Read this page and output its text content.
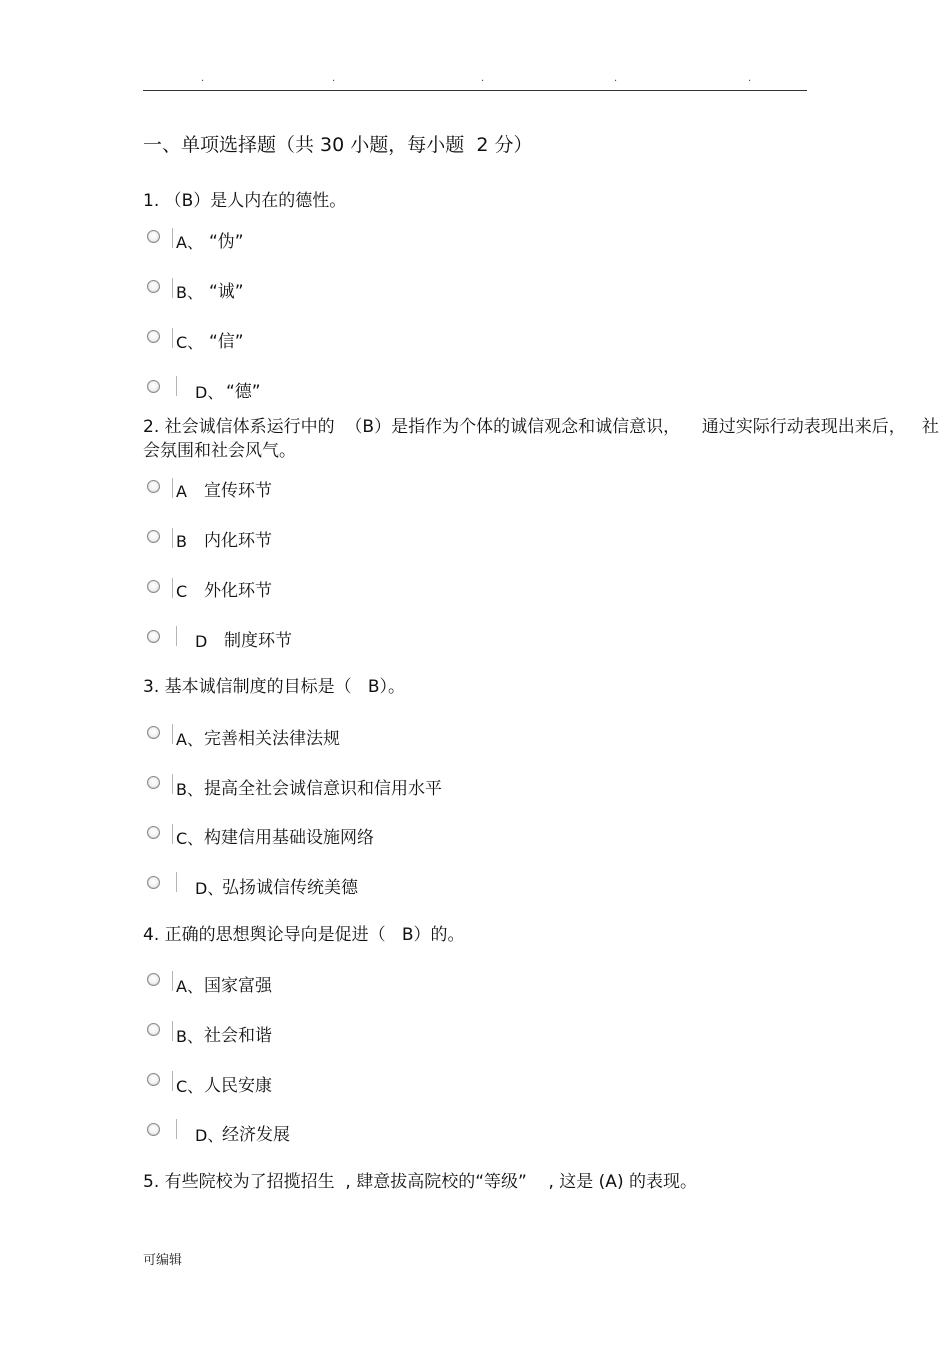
.	.	.	.	.
一、单项选择题（共 30 小题，每小题  2 分）
1. （B）是人内在的德性。
A、 “伪”
B、 “诚”
C、 “信”
D、 “德”
2. 社会诚信体系运行中的  （B）是指作为个体的诚信观念和诚信意识，    通过实际行动表现出来后，   社
会氛围和社会风气。
A 宣传环节
B 内化环节
C 外化环节
D 制度环节
3. 基本诚信制度的目标是（   B）。
A、 完善相关法律法规
B、 提高全社会诚信意识和信用水平
C、 构建信用基础设施网络
D、
弘扬诚信传统美德
4. 正确的思想舆论导向是促进（   B）的。
A、 国家富强
B、 社会和谐
C、 人民安康
D、
经济发展
5. 有些院校为了招揽招生  , 肆意拔高院校的“等级”    , 这是 (A) 的表现。
可编辑
